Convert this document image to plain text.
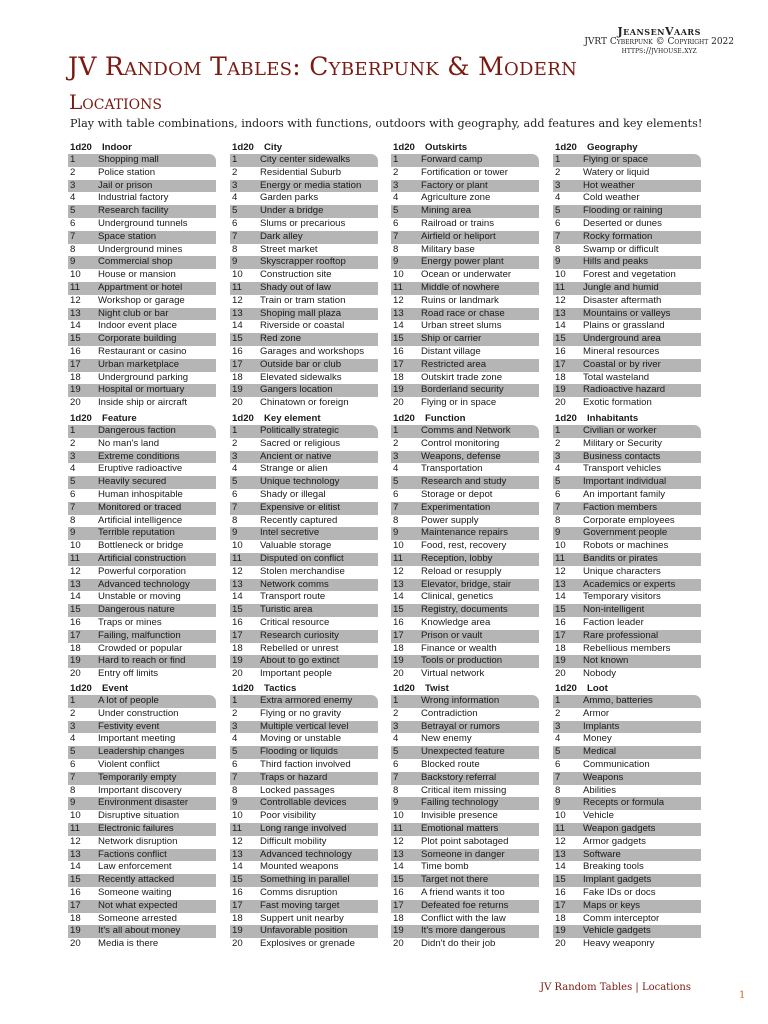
JeansenVaars
JVRT Cyberpunk © Copyright 2022
https://jvhouse.xyz
JV Random Tables: Cyberpunk & Modern
Locations
Play with table combinations, indoors with functions, outdoors with geography, add features and key elements!
1d20	Indoor
1	Shopping mall
2	Police station
3	Jail or prison
4	Industrial factory
5	Research facility
6	Underground tunnels
7	Space station
8	Underground mines
9	Commercial shop
10	House or mansion
11	Appartment or hotel
12	Workshop or garage
13	Night club or bar
14	Indoor event place
15	Corporate building
16	Restaurant or casino
17	Urban marketplace
18	Underground parking
19	Hospital or mortuary
20	Inside ship or aircraft
1d20	City
1	City center sidewalks
2	Residential Suburb
3	Energy or media station
4	Garden parks
5	Under a bridge
6	Slums or precarious
7	Dark alley
8	Street market
9	Skyscrapper rooftop
10	Construction site
11	Shady out of law
12	Train or tram station
13	Shoping mall plaza
14	Riverside or coastal
15	Red zone
16	Garages and workshops
17	Outside bar or club
18	Elevated sidewalks
19	Gangers location
20	Chinatown or foreign
1d20	Outskirts
1	Forward camp
2	Fortification or tower
3	Factory or plant
4	Agriculture zone
5	Mining area
6	Railroad or trains
7	Airfield or heliport
8	Military base
9	Energy power plant
10	Ocean or underwater
11	Middle of nowhere
12	Ruins or landmark
13	Road race or chase
14	Urban street slums
15	Ship or carrier
16	Distant village
17	Restricted area
18	Outskirt trade zone
19	Borderland security
20	Flying or in space
1d20	Geography
1	Flying or space
2	Watery or liquid
3	Hot weather
4	Cold weather
5	Flooding or raining
6	Deserted or dunes
7	Rocky formation
8	Swamp or difficult
9	Hills and peaks
10	Forest and vegetation
11	Jungle and humid
12	Disaster aftermath
13	Mountains or valleys
14	Plains or grassland
15	Underground area
16	Mineral resources
17	Coastal or by river
18	Total wasteland
19	Radioactive hazard
20	Exotic formation
1d20	Feature
1	Dangerous faction
2	No man's land
3	Extreme conditions
4	Eruptive radioactive
5	Heavily secured
6	Human inhospitable
7	Monitored or traced
8	Artificial intelligence
9	Terrible reputation
10	Bottleneck or bridge
11	Artificial construction
12	Powerful corporation
13	Advanced technology
14	Unstable or moving
15	Dangerous nature
16	Traps or mines
17	Failing, malfunction
18	Crowded or popular
19	Hard to reach or find
20	Entry off limits
1d20	Key element
1	Politically strategic
2	Sacred or religious
3	Ancient or native
4	Strange or alien
5	Unique technology
6	Shady or illegal
7	Expensive or elitist
8	Recently captured
9	Intel secretive
10	Valuable storage
11	Disputed on conflict
12	Stolen merchandise
13	Network comms
14	Transport route
15	Turistic area
16	Critical resource
17	Research curiosity
18	Rebelled or unrest
19	About to go extinct
20	Important people
1d20	Function
1	Comms and Network
2	Control monitoring
3	Weapons, defense
4	Transportation
5	Research and study
6	Storage or depot
7	Experimentation
8	Power supply
9	Maintenance repairs
10	Food, rest, recovery
11	Reception, lobby
12	Reload or resupply
13	Elevator, bridge, stair
14	Clinical, genetics
15	Registry, documents
16	Knowledge area
17	Prison or vault
18	Finance or wealth
19	Tools or production
20	Virtual network
1d20	Inhabitants
1	Civilian or worker
2	Military or Security
3	Business contacts
4	Transport vehicles
5	Important individual
6	An important family
7	Faction members
8	Corporate employees
9	Government people
10	Robots or machines
11	Bandits or pirates
12	Unique characters
13	Academics or experts
14	Temporary visitors
15	Non-intelligent
16	Faction leader
17	Rare professional
18	Rebellious members
19	Not known
20	Nobody
1d20	Event
1	A lot of people
2	Under construction
3	Festivity event
4	Important meeting
5	Leadership changes
6	Violent conflict
7	Temporarily empty
8	Important discovery
9	Environment disaster
10	Disruptive situation
11	Electronic failures
12	Network disruption
13	Factions conflict
14	Law enforcement
15	Recently attacked
16	Someone waiting
17	Not what expected
18	Someone arrested
19	It's all about money
20	Media is there
1d20	Tactics
1	Extra armored enemy
2	Flying or no gravity
3	Multiple vertical level
4	Moving or unstable
5	Flooding or liquids
6	Third faction involved
7	Traps or hazard
8	Locked passages
9	Controllable devices
10	Poor visibility
11	Long range involved
12	Difficult mobility
13	Advanced technology
14	Mounted weapons
15	Something in parallel
16	Comms disruption
17	Fast moving target
18	Suppert unit nearby
19	Unfavorable position
20	Explosives or grenade
1d20	Twist
1	Wrong information
2	Contradiction
3	Betrayal or rumors
4	New enemy
5	Unexpected feature
6	Blocked route
7	Backstory referral
8	Critical item missing
9	Failing technology
10	Invisible presence
11	Emotional matters
12	Plot point sabotaged
13	Someone in danger
14	Time bomb
15	Target not there
16	A friend wants it too
17	Defeated foe returns
18	Conflict with the law
19	It's more dangerous
20	Didn't do their job
1d20	Loot
1	Ammo, batteries
2	Armor
3	Implants
4	Money
5	Medical
6	Communication
7	Weapons
8	Abilities
9	Recepts or formula
10	Vehicle
11	Weapon gadgets
12	Armor gadgets
13	Software
14	Breaking tools
15	Implant gadgets
16	Fake IDs or docs
17	Maps or keys
18	Comm interceptor
19	Vehicle gadgets
20	Heavy weaponry
JV Random Tables | Locations
1
